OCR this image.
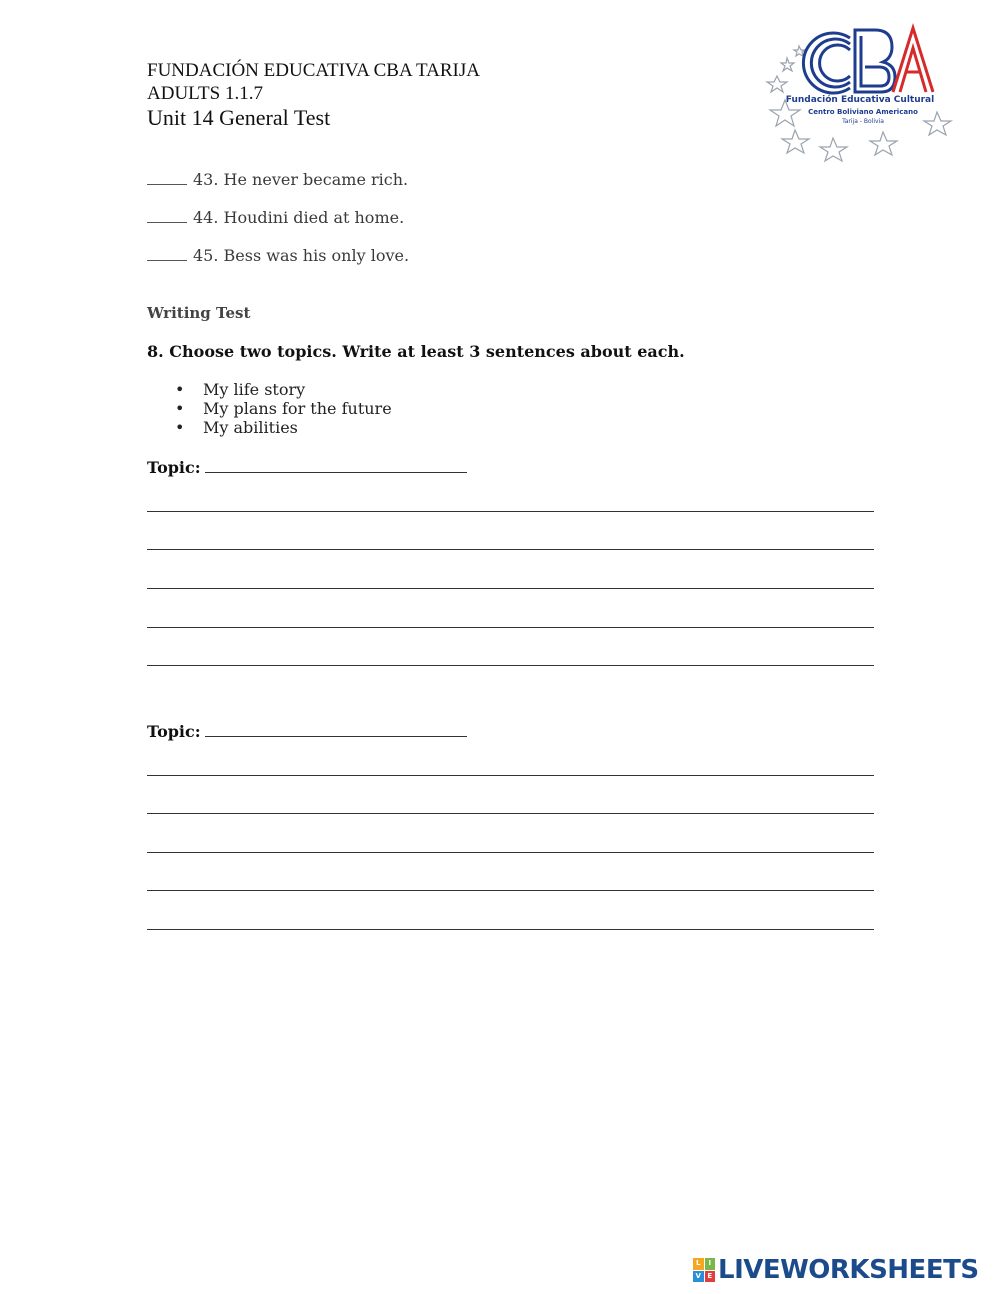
FUNDACIÓN EDUCATIVA CBA TARIJA
ADULTS 1.1.7
Unit 14 General Test
Fundación Educativa Cultural
Centro Boliviano Americano
Tarija - Bolivia
43. He never became rich.
44. Houdini died at home.
45. Bess was his only love.
Writing Test
8. Choose two topics. Write at least 3 sentences about each.
• My life story
• My plans for the future
• My abilities
Topic:
Topic:
L	I
V E LIVEWORKSHEETS
